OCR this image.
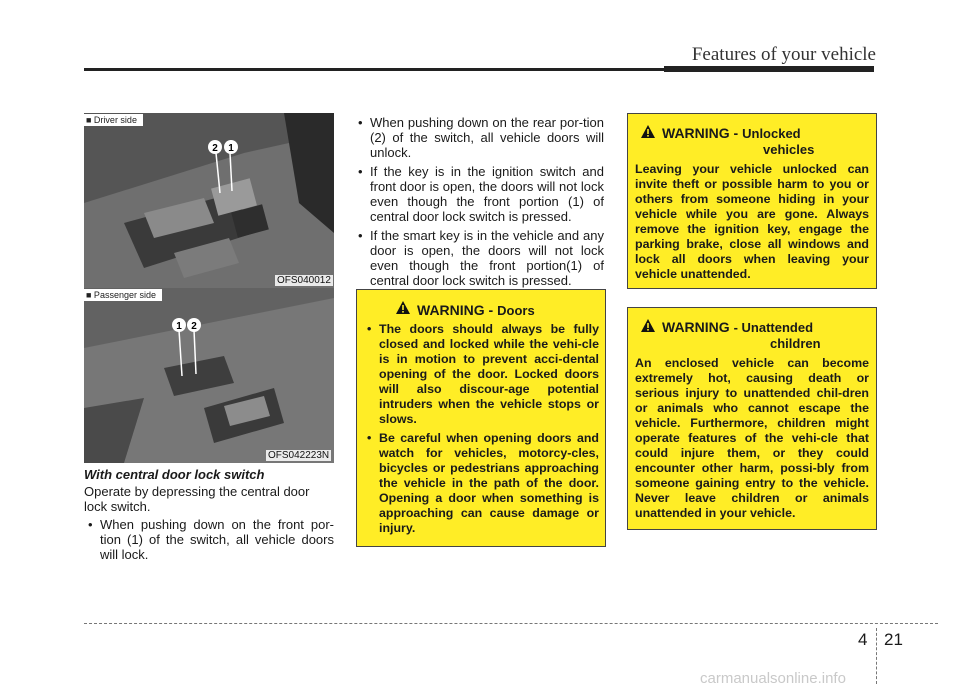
Features of your vehicle
2 1
■ Driver side
OFS040012
1 2
■ Passenger side
OFS042223N
With central door lock switch
Operate by depressing the central door lock switch.
• When pushing down on the front por-tion (1) of the switch, all vehicle doors will lock.
• When pushing down on the rear por-tion (2) of the switch, all vehicle doors will unlock.
• If the key is in the ignition switch and front door is open, the doors will not lock even though the front portion (1) of central door lock switch is pressed.
• If the smart key is in the vehicle and any door is open, the doors will not lock even though the front portion(1) of central door lock switch is pressed.
WARNING - Doors
• The doors should always be fully closed and locked while the vehi-cle is in motion to prevent acci-dental opening of the door. Locked doors will also discour-age potential intruders when the vehicle stops or slows.
• Be careful when opening doors and watch for vehicles, motorcy-cles, bicycles or pedestrians approaching the vehicle in the path of the door. Opening a door when something is approaching can cause damage or injury.
WARNING - Unlocked
vehicles
Leaving your vehicle unlocked can invite theft or possible harm to you or others from someone hiding in your vehicle while you are gone. Always remove the ignition key, engage the parking brake, close all windows and lock all doors when leaving your vehicle unattended.
WARNING - Unattended
children
An enclosed vehicle can become extremely hot, causing death or serious injury to unattended chil-dren or animals who cannot escape the vehicle. Furthermore, children might operate features of the vehi-cle that could injure them, or they could encounter other harm, possi-bly from someone gaining entry to the vehicle. Never leave children or animals unattended in your vehicle.
4 21
carmanualsonline.info
